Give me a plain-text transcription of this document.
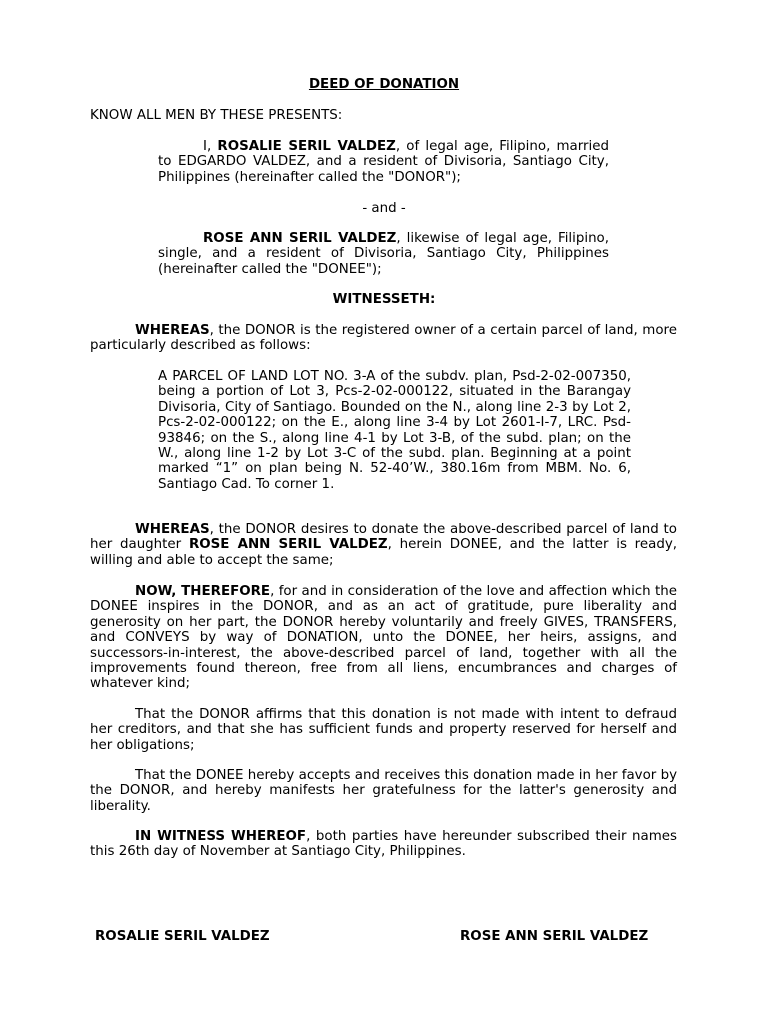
DEED OF DONATION

KNOW ALL MEN BY THESE PRESENTS:

I, ROSALIE SERIL VALDEZ, of legal age, Filipino, married to EDGARDO VALDEZ, and a resident of Divisoria, Santiago City, Philippines (hereinafter called the "DONOR");

- and -

ROSE ANN SERIL VALDEZ, likewise of legal age, Filipino, single, and a resident of Divisoria, Santiago City, Philippines (hereinafter called the "DONEE");

WITNESSETH:

WHEREAS, the DONOR is the registered owner of a certain parcel of land, more particularly described as follows:

A PARCEL OF LAND LOT NO. 3-A of the subdv. plan, Psd-2-02-007350, being a portion of Lot 3, Pcs-2-02-000122, situated in the Barangay Divisoria, City of Santiago. Bounded on the N., along line 2-3 by Lot 2, Pcs-2-02-000122; on the E., along line 3-4 by Lot 2601-I-7, LRC. Psd-93846; on the S., along line 4-1 by Lot 3-B, of the subd. plan; on the W., along line 1-2 by Lot 3-C of the subd. plan. Beginning at a point marked “1” on plan being N. 52-40’W., 380.16m from MBM. No. 6, Santiago Cad. To corner 1.

WHEREAS, the DONOR desires to donate the above-described parcel of land to her daughter ROSE ANN SERIL VALDEZ, herein DONEE, and the latter is ready, willing and able to accept the same;

NOW, THEREFORE, for and in consideration of the love and affection which the DONEE inspires in the DONOR, and as an act of gratitude, pure liberality and generosity on her part, the DONOR hereby voluntarily and freely GIVES, TRANSFERS, and CONVEYS by way of DONATION, unto the DONEE, her heirs, assigns, and successors-in-interest, the above-described parcel of land, together with all the improvements found thereon, free from all liens, encumbrances and charges of whatever kind;

That the DONOR affirms that this donation is not made with intent to defraud her creditors, and that she has sufficient funds and property reserved for herself and her obligations;

That the DONEE hereby accepts and receives this donation made in her favor by the DONOR, and hereby manifests her gratefulness for the latter's generosity and liberality.

IN WITNESS WHEREOF, both parties have hereunder subscribed their names this 26th day of November at Santiago City, Philippines.

ROSALIE SERIL VALDEZ	ROSE ANN SERIL VALDEZ
